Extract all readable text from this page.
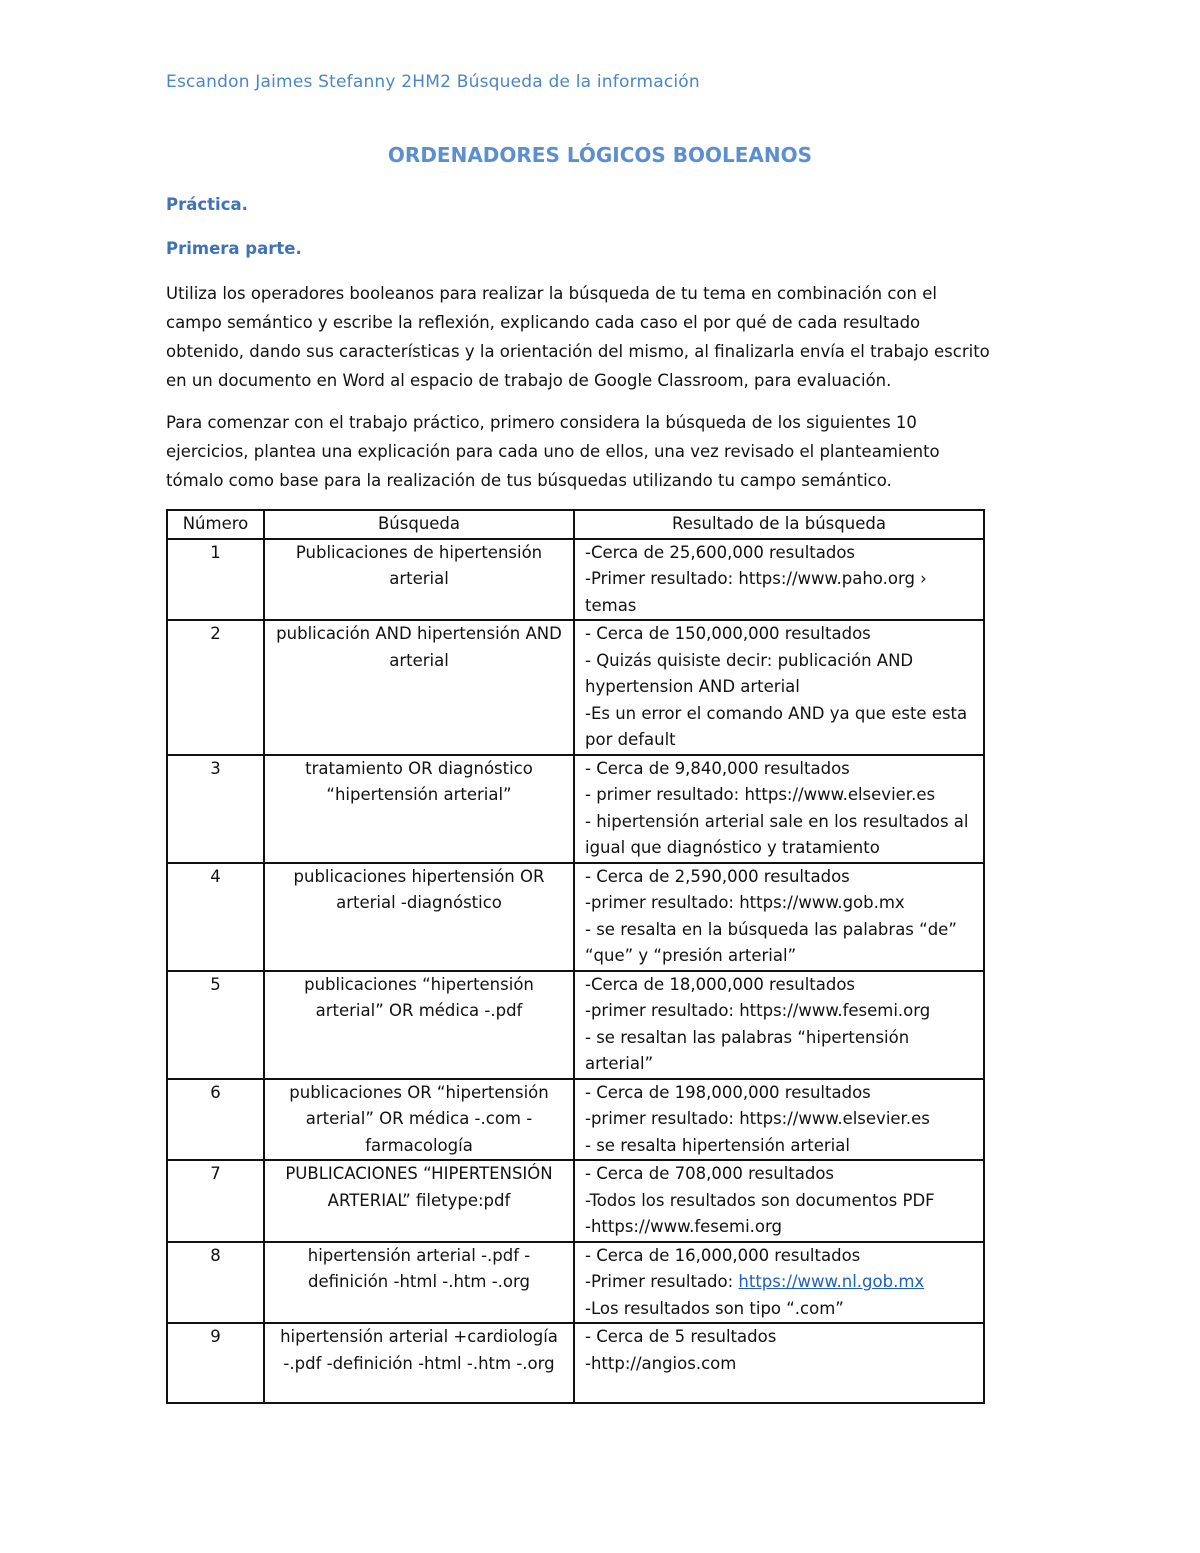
Escandon Jaimes Stefanny 2HM2 Búsqueda de la información
ORDENADORES LÓGICOS BOOLEANOS
Práctica.
Primera parte.
Utiliza los operadores booleanos para realizar la búsqueda de tu tema en combinación con el
campo semántico y escribe la reflexión, explicando cada caso el por qué de cada resultado
obtenido, dando sus características y la orientación del mismo, al finalizarla envía el trabajo escrito
en un documento en Word al espacio de trabajo de Google Classroom, para evaluación.
Para comenzar con el trabajo práctico, primero considera la búsqueda de los siguientes 10
ejercicios, plantea una explicación para cada uno de ellos, una vez revisado el planteamiento
tómalo como base para la realización de tus búsquedas utilizando tu campo semántico.
Número	Búsqueda	Resultado de la búsqueda
1	Publicaciones de hipertensión arterial	-Cerca de 25,600,000 resultados
-Primer resultado: https://www.paho.org › temas

2	publicación AND hipertensión AND arterial	- Cerca de 150,000,000 resultados
- Quizás quisiste decir: publicación AND hypertension AND arterial
-Es un error el comando AND ya que este esta por default

3	tratamiento OR diagnóstico “hipertensión arterial”	- Cerca de 9,840,000 resultados
- primer resultado: https://www.elsevier.es
- hipertensión arterial sale en los resultados al igual que diagnóstico y tratamiento

4	publicaciones hipertensión OR arterial -diagnóstico	- Cerca de 2,590,000 resultados
-primer resultado: https://www.gob.mx
- se resalta en la búsqueda las palabras “de” “que” y “presión arterial”

5	publicaciones “hipertensión arterial” OR médica -.pdf	-Cerca de 18,000,000 resultados
-primer resultado: https://www.fesemi.org
- se resaltan las palabras “hipertensión arterial”

6	publicaciones OR “hipertensión arterial” OR médica -.com -farmacología	- Cerca de 198,000,000 resultados
-primer resultado: https://www.elsevier.es
- se resalta hipertensión arterial

7	PUBLICACIONES “HIPERTENSIÓN ARTERIAL” filetype:pdf	- Cerca de 708,000 resultados
-Todos los resultados son documentos PDF
-https://www.fesemi.org

8	hipertensión arterial -.pdf -definición -html -.htm -.org	- Cerca de 16,000,000 resultados
-Primer resultado: https://www.nl.gob.mx
-Los resultados son tipo “.com”

9	hipertensión arterial +cardiología -.pdf -definición -html -.htm -.org	- Cerca de 5 resultados
-http://angios.com
